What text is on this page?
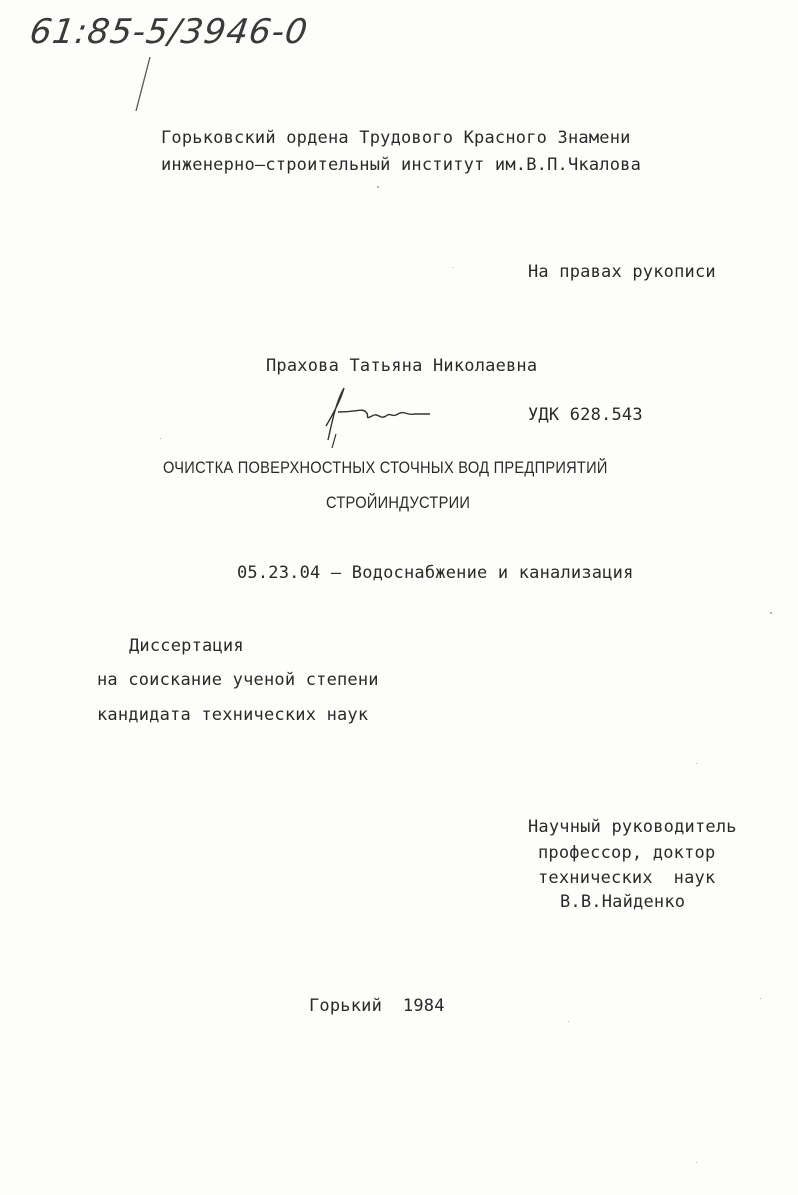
61:85-5/3946-0
Горьковский ордена Трудового Красного Знамени
инженерно–строительный институт им.В.П.Чкалова
На правах рукописи
Прахова Татьяна Николаевна
УДК 628.543
ОЧИСТКА ПОВЕРХНОСТНЫХ СТОЧНЫХ ВОД ПРЕДПРИЯТИЙ
СТРОЙИНДУСТРИИ
05.23.04 – Водоснабжение и канализация
Диссертация
на соискание ученой степени
кандидата технических наук
Научный руководитель
профессор, доктор
технических  наук
В.В.Найденко
Горький  1984
